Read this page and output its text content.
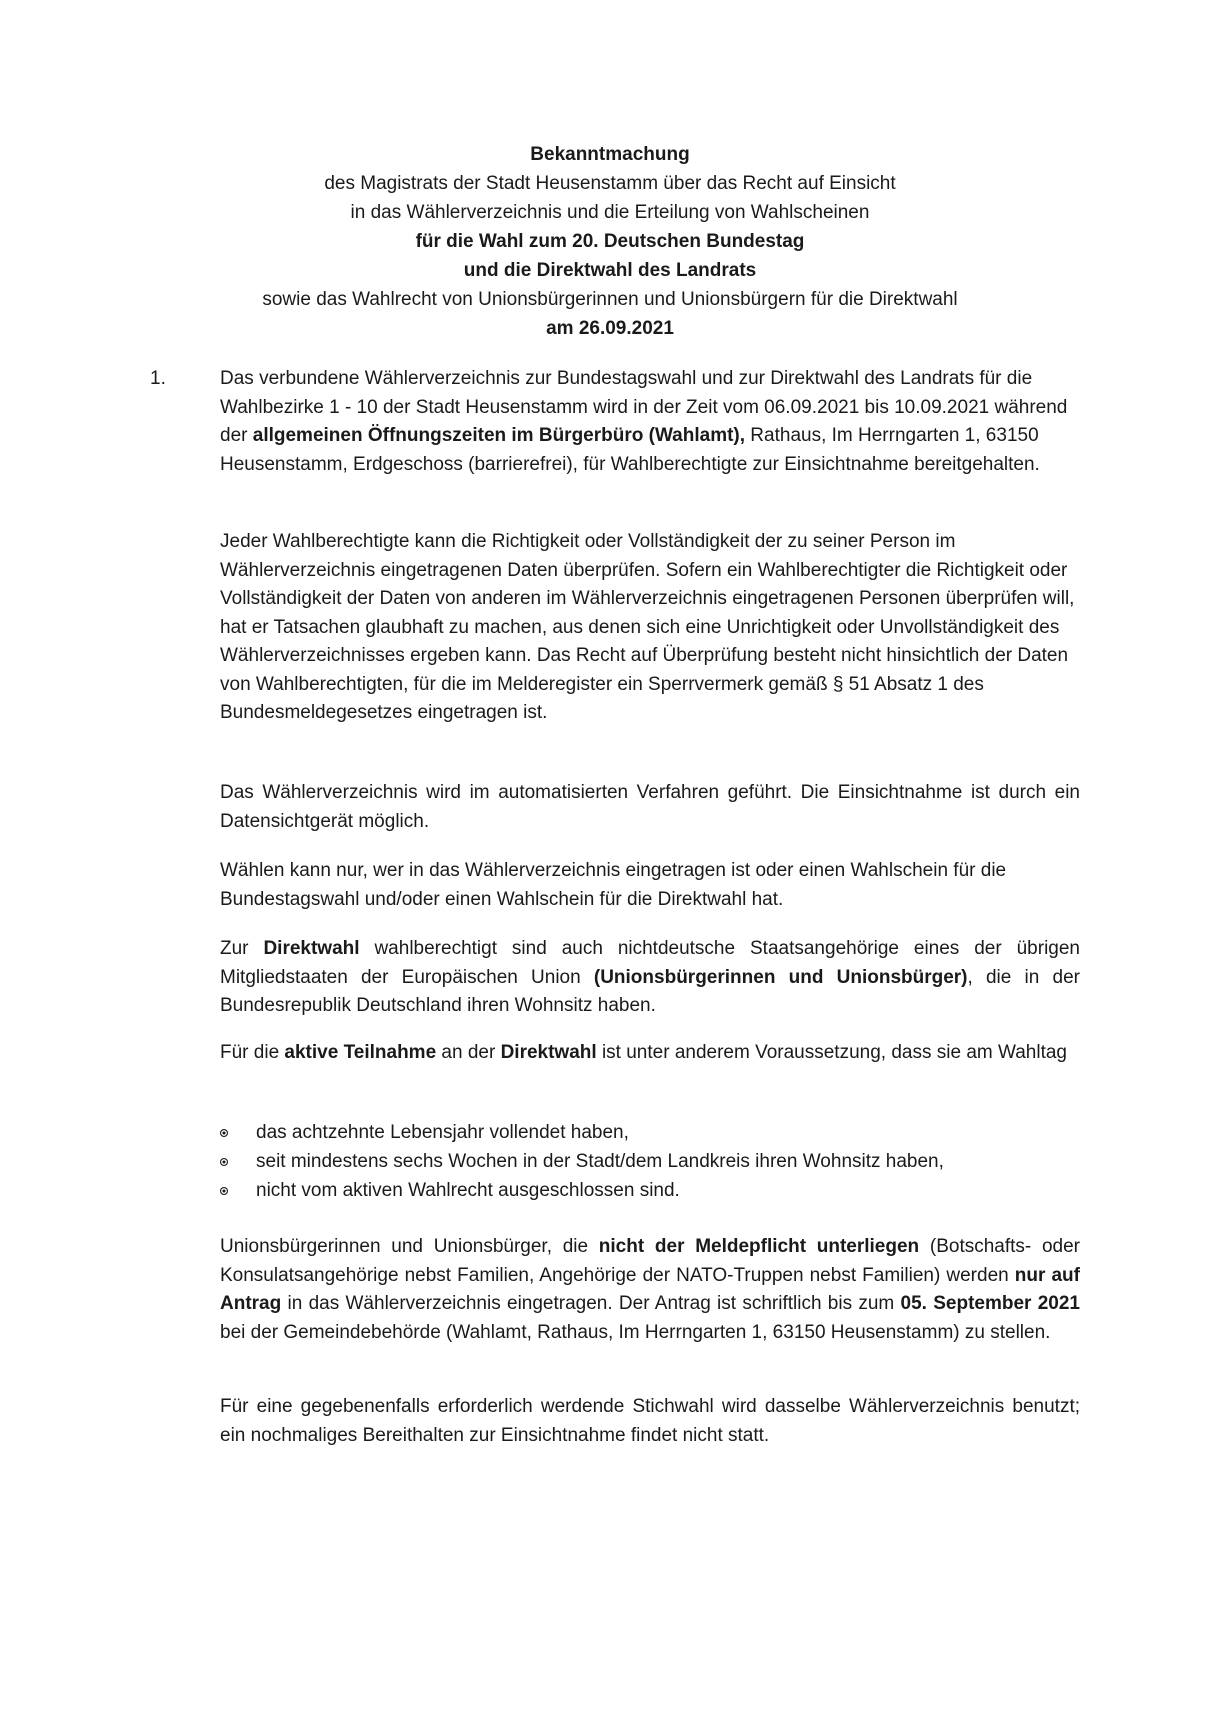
Bekanntmachung
des Magistrats der Stadt Heusenstamm über das Recht auf Einsicht
in das Wählerverzeichnis und die Erteilung von Wahlscheinen
für die Wahl zum 20. Deutschen Bundestag
und die Direktwahl des Landrats
sowie das Wahlrecht von Unionsbürgerinnen und Unionsbürgern für die Direktwahl
am 26.09.2021
1.	Das verbundene Wählerverzeichnis zur Bundestagswahl und zur Direktwahl des Landrats für die Wahlbezirke 1 - 10 der Stadt Heusenstamm wird in der Zeit vom 06.09.2021 bis 10.09.2021 während der allgemeinen Öffnungszeiten im Bürgerbüro (Wahlamt), Rathaus, Im Herrngarten 1, 63150 Heusenstamm, Erdgeschoss (barrierefrei), für Wahlberechtigte zur Einsichtnahme bereitgehalten.

Jeder Wahlberechtigte kann die Richtigkeit oder Vollständigkeit der zu seiner Person im Wählerverzeichnis eingetragenen Daten überprüfen. Sofern ein Wahlberechtigter die Richtigkeit oder Vollständigkeit der Daten von anderen im Wählerverzeichnis eingetragenen Personen überprüfen will, hat er Tatsachen glaubhaft zu machen, aus denen sich eine Unrichtigkeit oder Unvollständigkeit des Wählerverzeichnisses ergeben kann. Das Recht auf Überprüfung besteht nicht hinsichtlich der Daten von Wahlberechtigten, für die im Melderegister ein Sperrvermerk gemäß § 51 Absatz 1 des Bundesmeldegesetzes eingetragen ist.

Das Wählerverzeichnis wird im automatisierten Verfahren geführt. Die Einsichtnahme ist durch ein Datensichtgerät möglich.

Wählen kann nur, wer in das Wählerverzeichnis eingetragen ist oder einen Wahlschein für die Bundestagswahl und/oder einen Wahlschein für die Direktwahl hat.

Zur Direktwahl wahlberechtigt sind auch nichtdeutsche Staatsangehörige eines der übrigen Mitgliedstaaten der Europäischen Union (Unionsbürgerinnen und Unionsbürger), die in der Bundesrepublik Deutschland ihren Wohnsitz haben.

Für die aktive Teilnahme an der Direktwahl ist unter anderem Voraussetzung, dass sie am Wahltag

das achtzehnte Lebensjahr vollendet haben,
seit mindestens sechs Wochen in der Stadt/dem Landkreis ihren Wohnsitz haben,
nicht vom aktiven Wahlrecht ausgeschlossen sind.

Unionsbürgerinnen und Unionsbürger, die nicht der Meldepflicht unterliegen (Botschafts- oder Konsulatsangehörige nebst Familien, Angehörige der NATO-Truppen nebst Familien) werden nur auf Antrag in das Wählerverzeichnis eingetragen. Der Antrag ist schriftlich bis zum 05. September 2021 bei der Gemeindebehörde (Wahlamt, Rathaus, Im Herrngarten 1, 63150 Heusenstamm) zu stellen.

Für eine gegebenenfalls erforderlich werdende Stichwahl wird dasselbe Wählerverzeichnis benutzt; ein nochmaliges Bereithalten zur Einsichtnahme findet nicht statt.
